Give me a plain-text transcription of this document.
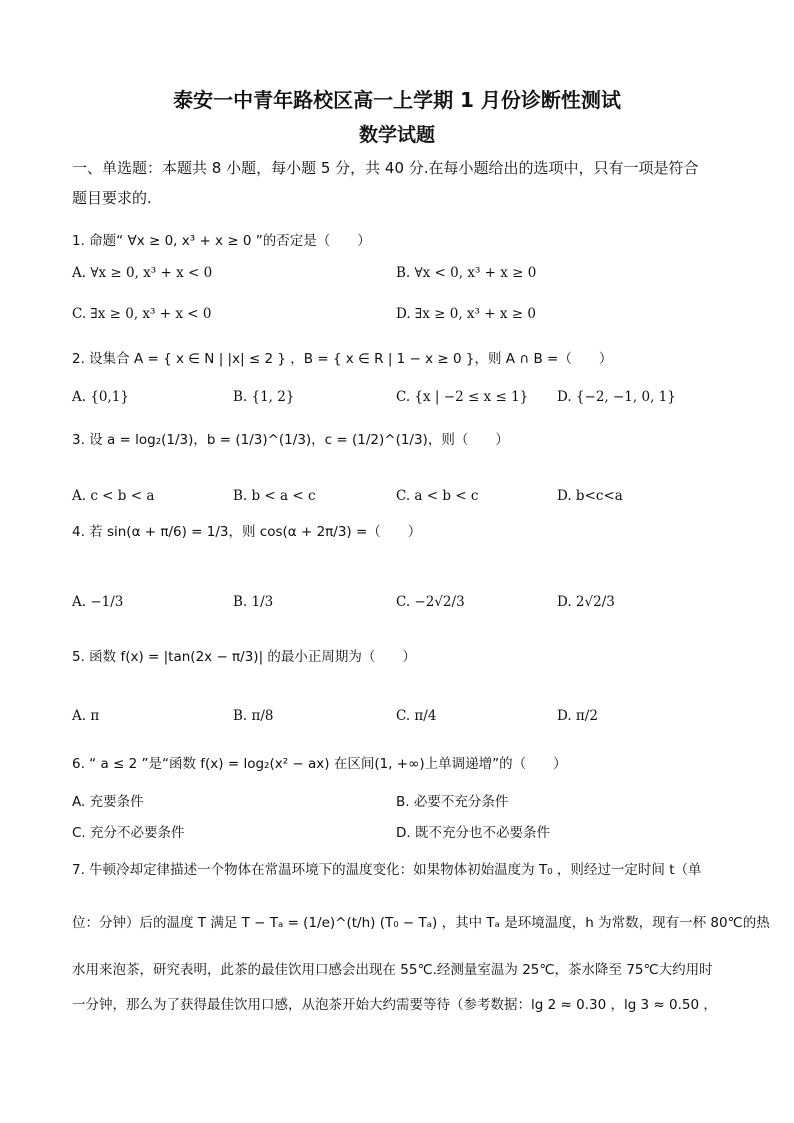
泰安一中青年路校区高一上学期 1 月份诊断性测试
数学试题
一、单选题：本题共 8 小题，每小题 5 分，共 40 分.在每小题给出的选项中，只有一项是符合
题目要求的.
1. 命题“ ∀x ≥ 0, x³ + x ≥ 0 ”的否定是（　　）
A. ∀x ≥ 0, x³ + x < 0	B. ∀x < 0, x³ + x ≥ 0
C. ∃x ≥ 0, x³ + x < 0	D. ∃x ≥ 0, x³ + x ≥ 0
2. 设集合 A = { x ∈ N | |x| ≤ 2 } ，B = { x ∈ R | 1 − x ≥ 0 }，则 A ∩ B =（　　）
A. {0,1}	B. {1, 2}	C. {x | −2 ≤ x ≤ 1} D. {−2, −1, 0, 1}
3. 设 a = log₂(1/3)，b = (1/3)^(1/3)，c = (1/2)^(1/3)，则（　　）
A. c < b < a	B. b < a < c	C. a < b < c	D. b<c<a
4. 若 sin(α + π/6) = 1/3，则 cos(α + 2π/3) =（　　）
A. −1/3	B. 1/3	C. −2√2/3	D. 2√2/3
5. 函数 f(x) = |tan(2x − π/3)| 的最小正周期为（　　）
A. π	B. π/8	C. π/4	D. π/2
6. “ a ≤ 2 ”是“函数 f(x) = log₂(x² − ax) 在区间(1, +∞)上单调递增”的（　　）
A. 充要条件	B. 必要不充分条件
C. 充分不必要条件	D. 既不充分也不必要条件
7. 牛顿冷却定律描述一个物体在常温环境下的温度变化：如果物体初始温度为 T₀ ，则经过一定时间 t（单
位：分钟）后的温度 T 满足 T − Tₐ = (1/e)^(t/h) (T₀ − Tₐ) ，其中 Tₐ 是环境温度，h 为常数，现有一杯 80℃的热
水用来泡茶，研究表明，此茶的最佳饮用口感会出现在 55℃.经测量室温为 25℃，茶水降至 75℃大约用时
一分钟，那么为了获得最佳饮用口感，从泡茶开始大约需要等待（参考数据：lg 2 ≈ 0.30 ，lg 3 ≈ 0.50 ，
